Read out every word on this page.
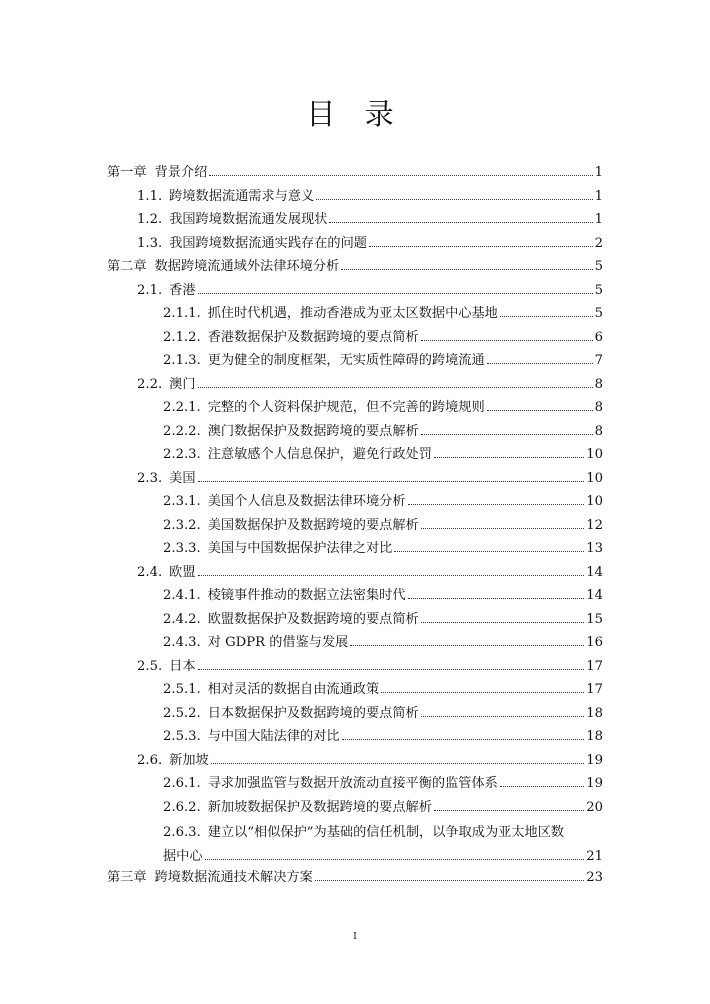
目 录
第一章 背景介绍	1
1.1. 跨境数据流通需求与意义	1
1.2. 我国跨境数据流通发展现状	1
1.3. 我国跨境数据流通实践存在的问题	2
第二章 数据跨境流通域外法律环境分析	5
2.1. 香港	5
2.1.1. 抓住时代机遇，推动香港成为亚太区数据中心基地	5
2.1.2. 香港数据保护及数据跨境的要点简析	6
2.1.3. 更为健全的制度框架，无实质性障碍的跨境流通	7
2.2. 澳门	8
2.2.1. 完整的个人资料保护规范，但不完善的跨境规则	8
2.2.2. 澳门数据保护及数据跨境的要点解析	8
2.2.3. 注意敏感个人信息保护，避免行政处罚	10
2.3. 美国	10
2.3.1. 美国个人信息及数据法律环境分析	10
2.3.2. 美国数据保护及数据跨境的要点解析	12
2.3.3. 美国与中国数据保护法律之对比	13
2.4. 欧盟	14
2.4.1. 棱镜事件推动的数据立法密集时代	14
2.4.2. 欧盟数据保护及数据跨境的要点简析	15
2.4.3. 对 GDPR 的借鉴与发展	16
2.5. 日本	17
2.5.1. 相对灵活的数据自由流通政策	17
2.5.2. 日本数据保护及数据跨境的要点简析	18
2.5.3. 与中国大陆法律的对比	18
2.6. 新加坡	19
2.6.1. 寻求加强监管与数据开放流动直接平衡的监管体系	19
2.6.2. 新加坡数据保护及数据跨境的要点解析	20
2.6.3. 建立以“相似保护”为基础的信任机制，以争取成为亚太地区数
据中心	21
第三章 跨境数据流通技术解决方案	23
I
